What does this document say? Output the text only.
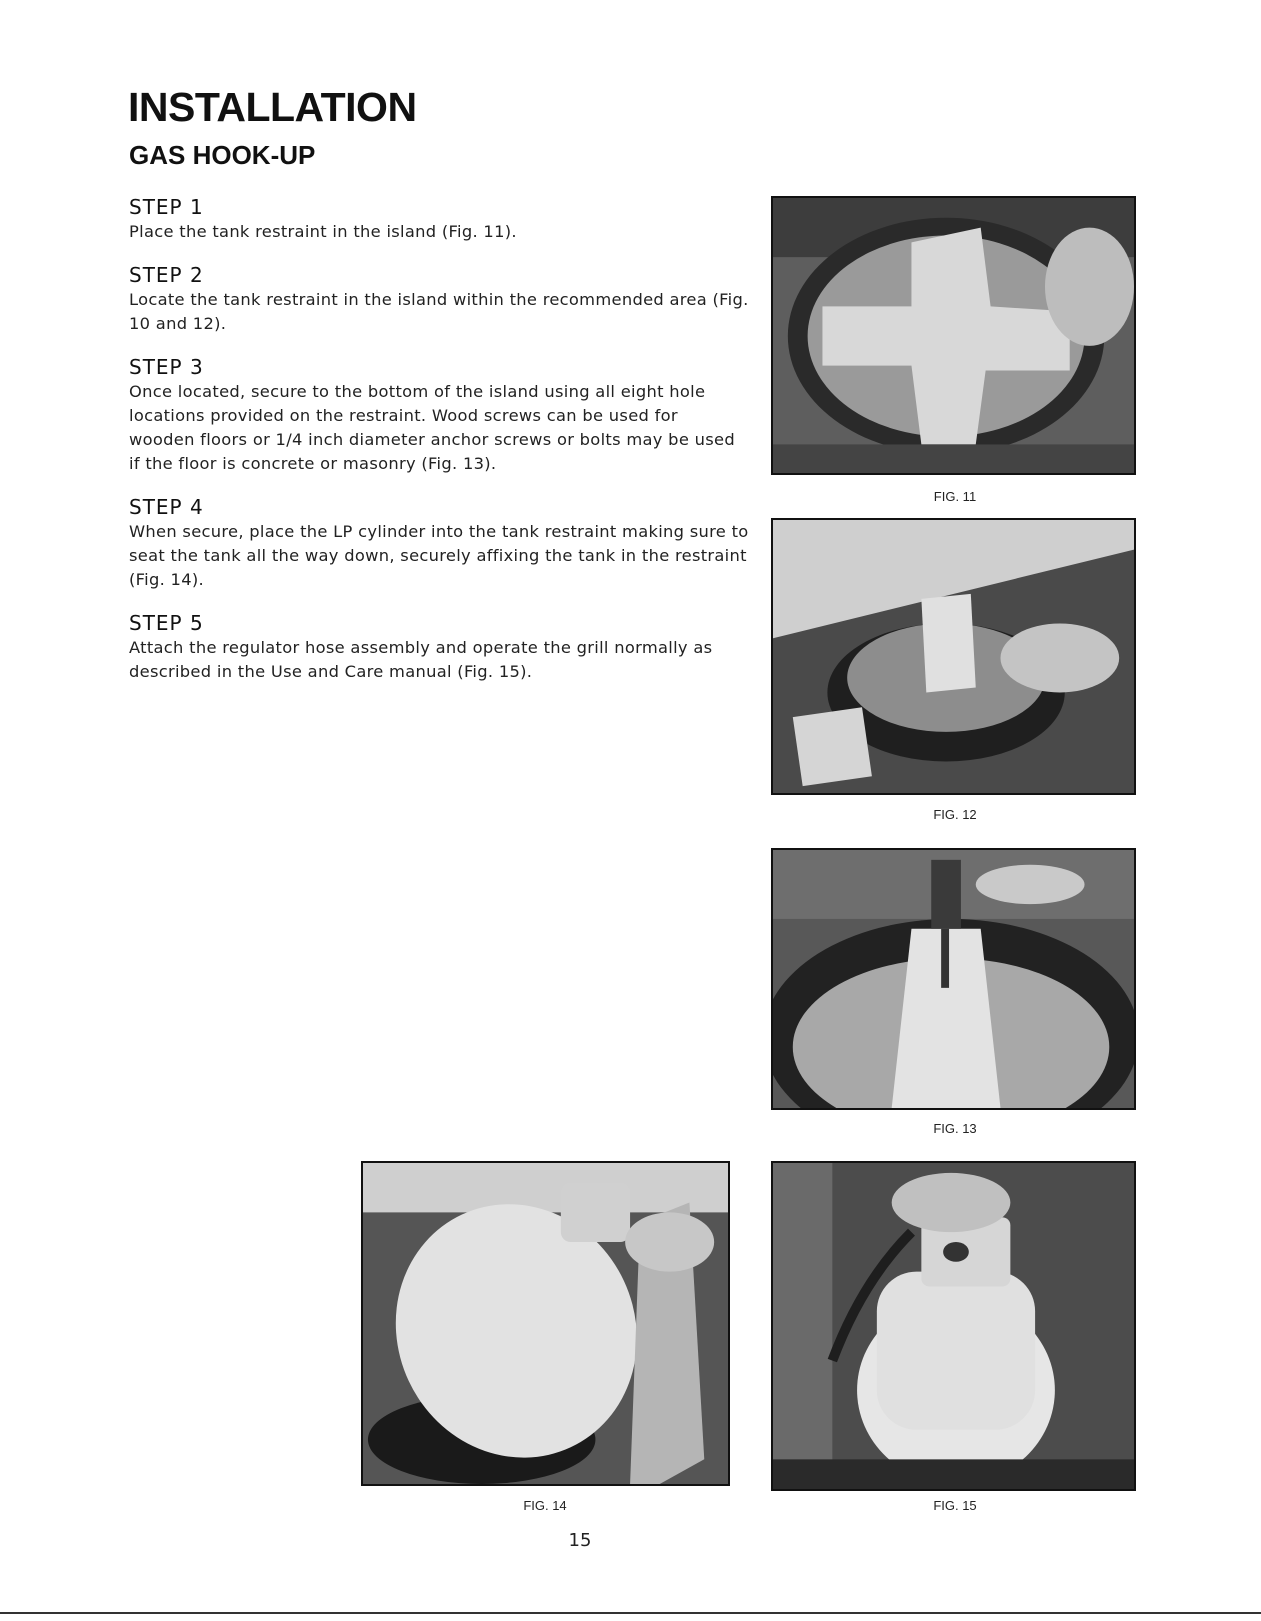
INSTALLATION
GAS HOOK-UP
STEP 1
Place the tank restraint in the island (Fig. 11).
STEP 2
Locate the tank restraint in the island within the recommended area (Fig. 10 and 12).
STEP 3
Once located, secure to the bottom of the island using all eight hole locations provided on the restraint. Wood screws can be used for wooden floors or 1/4 inch diameter anchor screws or bolts may be used if the floor is concrete or masonry (Fig. 13).
STEP 4
When secure, place the LP cylinder into the tank restraint making sure to seat the tank all the way down, securely affixing the tank in the restraint (Fig. 14).
STEP 5
Attach the regulator hose assembly and operate the grill normally as described in the Use and Care manual (Fig. 15).
FIG. 11
FIG. 12
FIG. 13
FIG. 14	FIG. 15
15
